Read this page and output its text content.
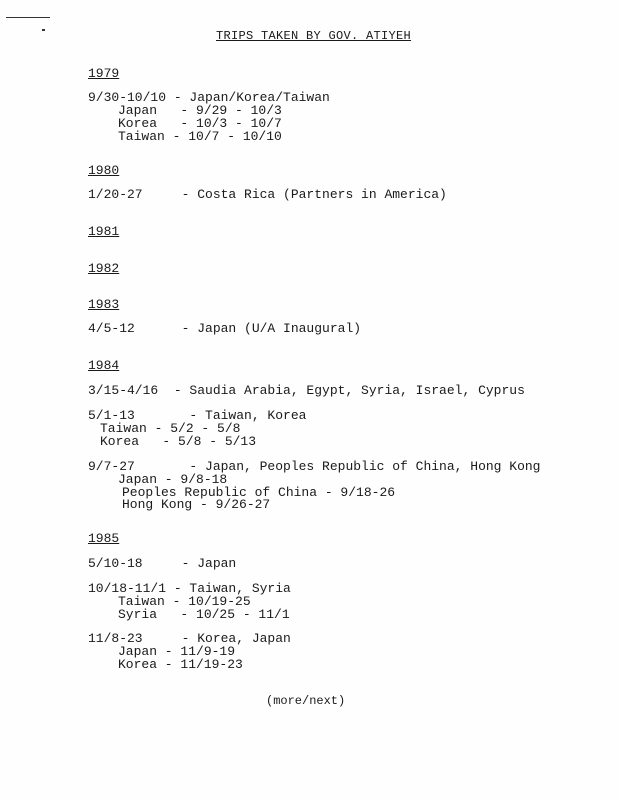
TRIPS TAKEN BY GOV. ATIYEH
1979
9/30-10/10 - Japan/Korea/Taiwan
Japan   - 9/29 - 10/3
Korea   - 10/3 - 10/7
Taiwan - 10/7 - 10/10
1980
1/20-27     - Costa Rica (Partners in America)
1981
1982
1983
4/5-12      - Japan (U/A Inaugural)
1984
3/15-4/16  - Saudia Arabia, Egypt, Syria, Israel, Cyprus
5/1-13       - Taiwan, Korea
Taiwan - 5/2 - 5/8
Korea   - 5/8 - 5/13
9/7-27       - Japan, Peoples Republic of China, Hong Kong
Japan - 9/8-18
Peoples Republic of China - 9/18-26
Hong Kong - 9/26-27
1985
5/10-18     - Japan
10/18-11/1 - Taiwan, Syria
Taiwan - 10/19-25
Syria   - 10/25 - 11/1
11/8-23     - Korea, Japan
Japan - 11/9-19
Korea - 11/19-23
(more/next)
